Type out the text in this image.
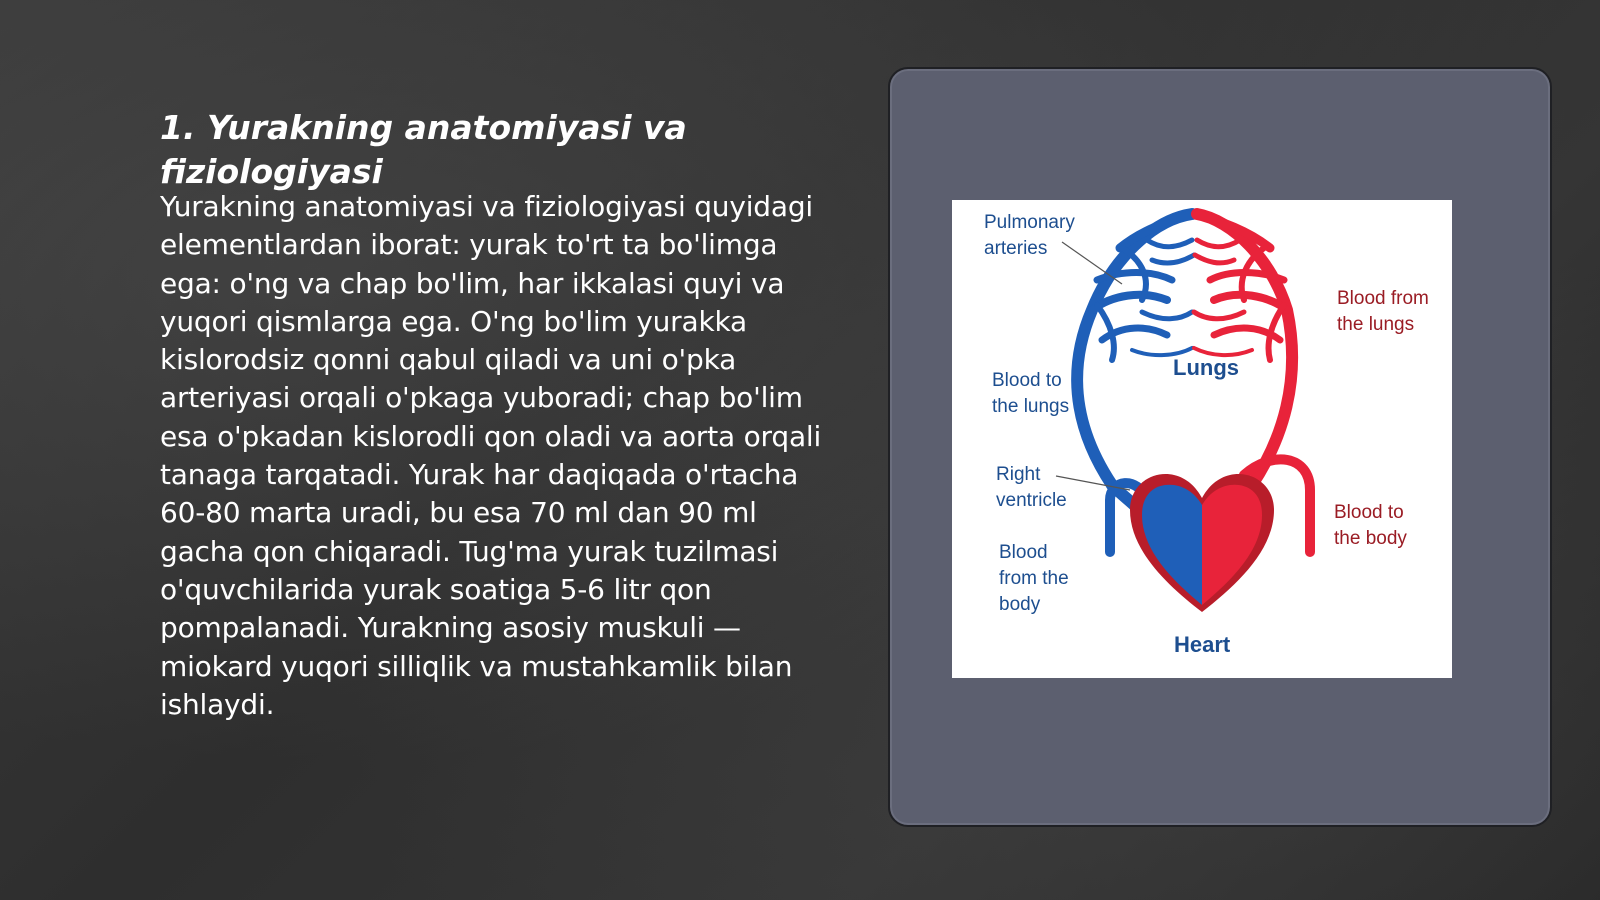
1. Yurakning anatomiyasi va fiziologiyasi

Yurakning anatomiyasi va fiziologiyasi quyidagi elementlardan iborat: yurak to'rt ta bo'limga ega: o'ng va chap bo'lim, har ikkalasi quyi va yuqori qismlarga ega. O'ng bo'lim yurakka kislorodsiz qonni qabul qiladi va uni o'pka arteriyasi orqali o'pkaga yuboradi; chap bo'lim esa o'pkadan kislorodli qon oladi va aorta orqali tanaga tarqatadi. Yurak har daqiqada o'rtacha 60-80 marta uradi, bu esa 70 ml dan 90 ml gacha qon chiqaradi. Tug'ma yurak tuzilmasi o'quvchilarida yurak soatiga 5-6 litr qon pompalanadi. Yurakning asosiy muskuli — miokard yuqori silliqlik va mustahkamlik bilan ishlaydi.

Pulmonary
arteries
Blood from
the lungs
Blood to
the lungs
Lungs
Right
ventricle
Blood to
the body
Blood
from the
body
Heart
